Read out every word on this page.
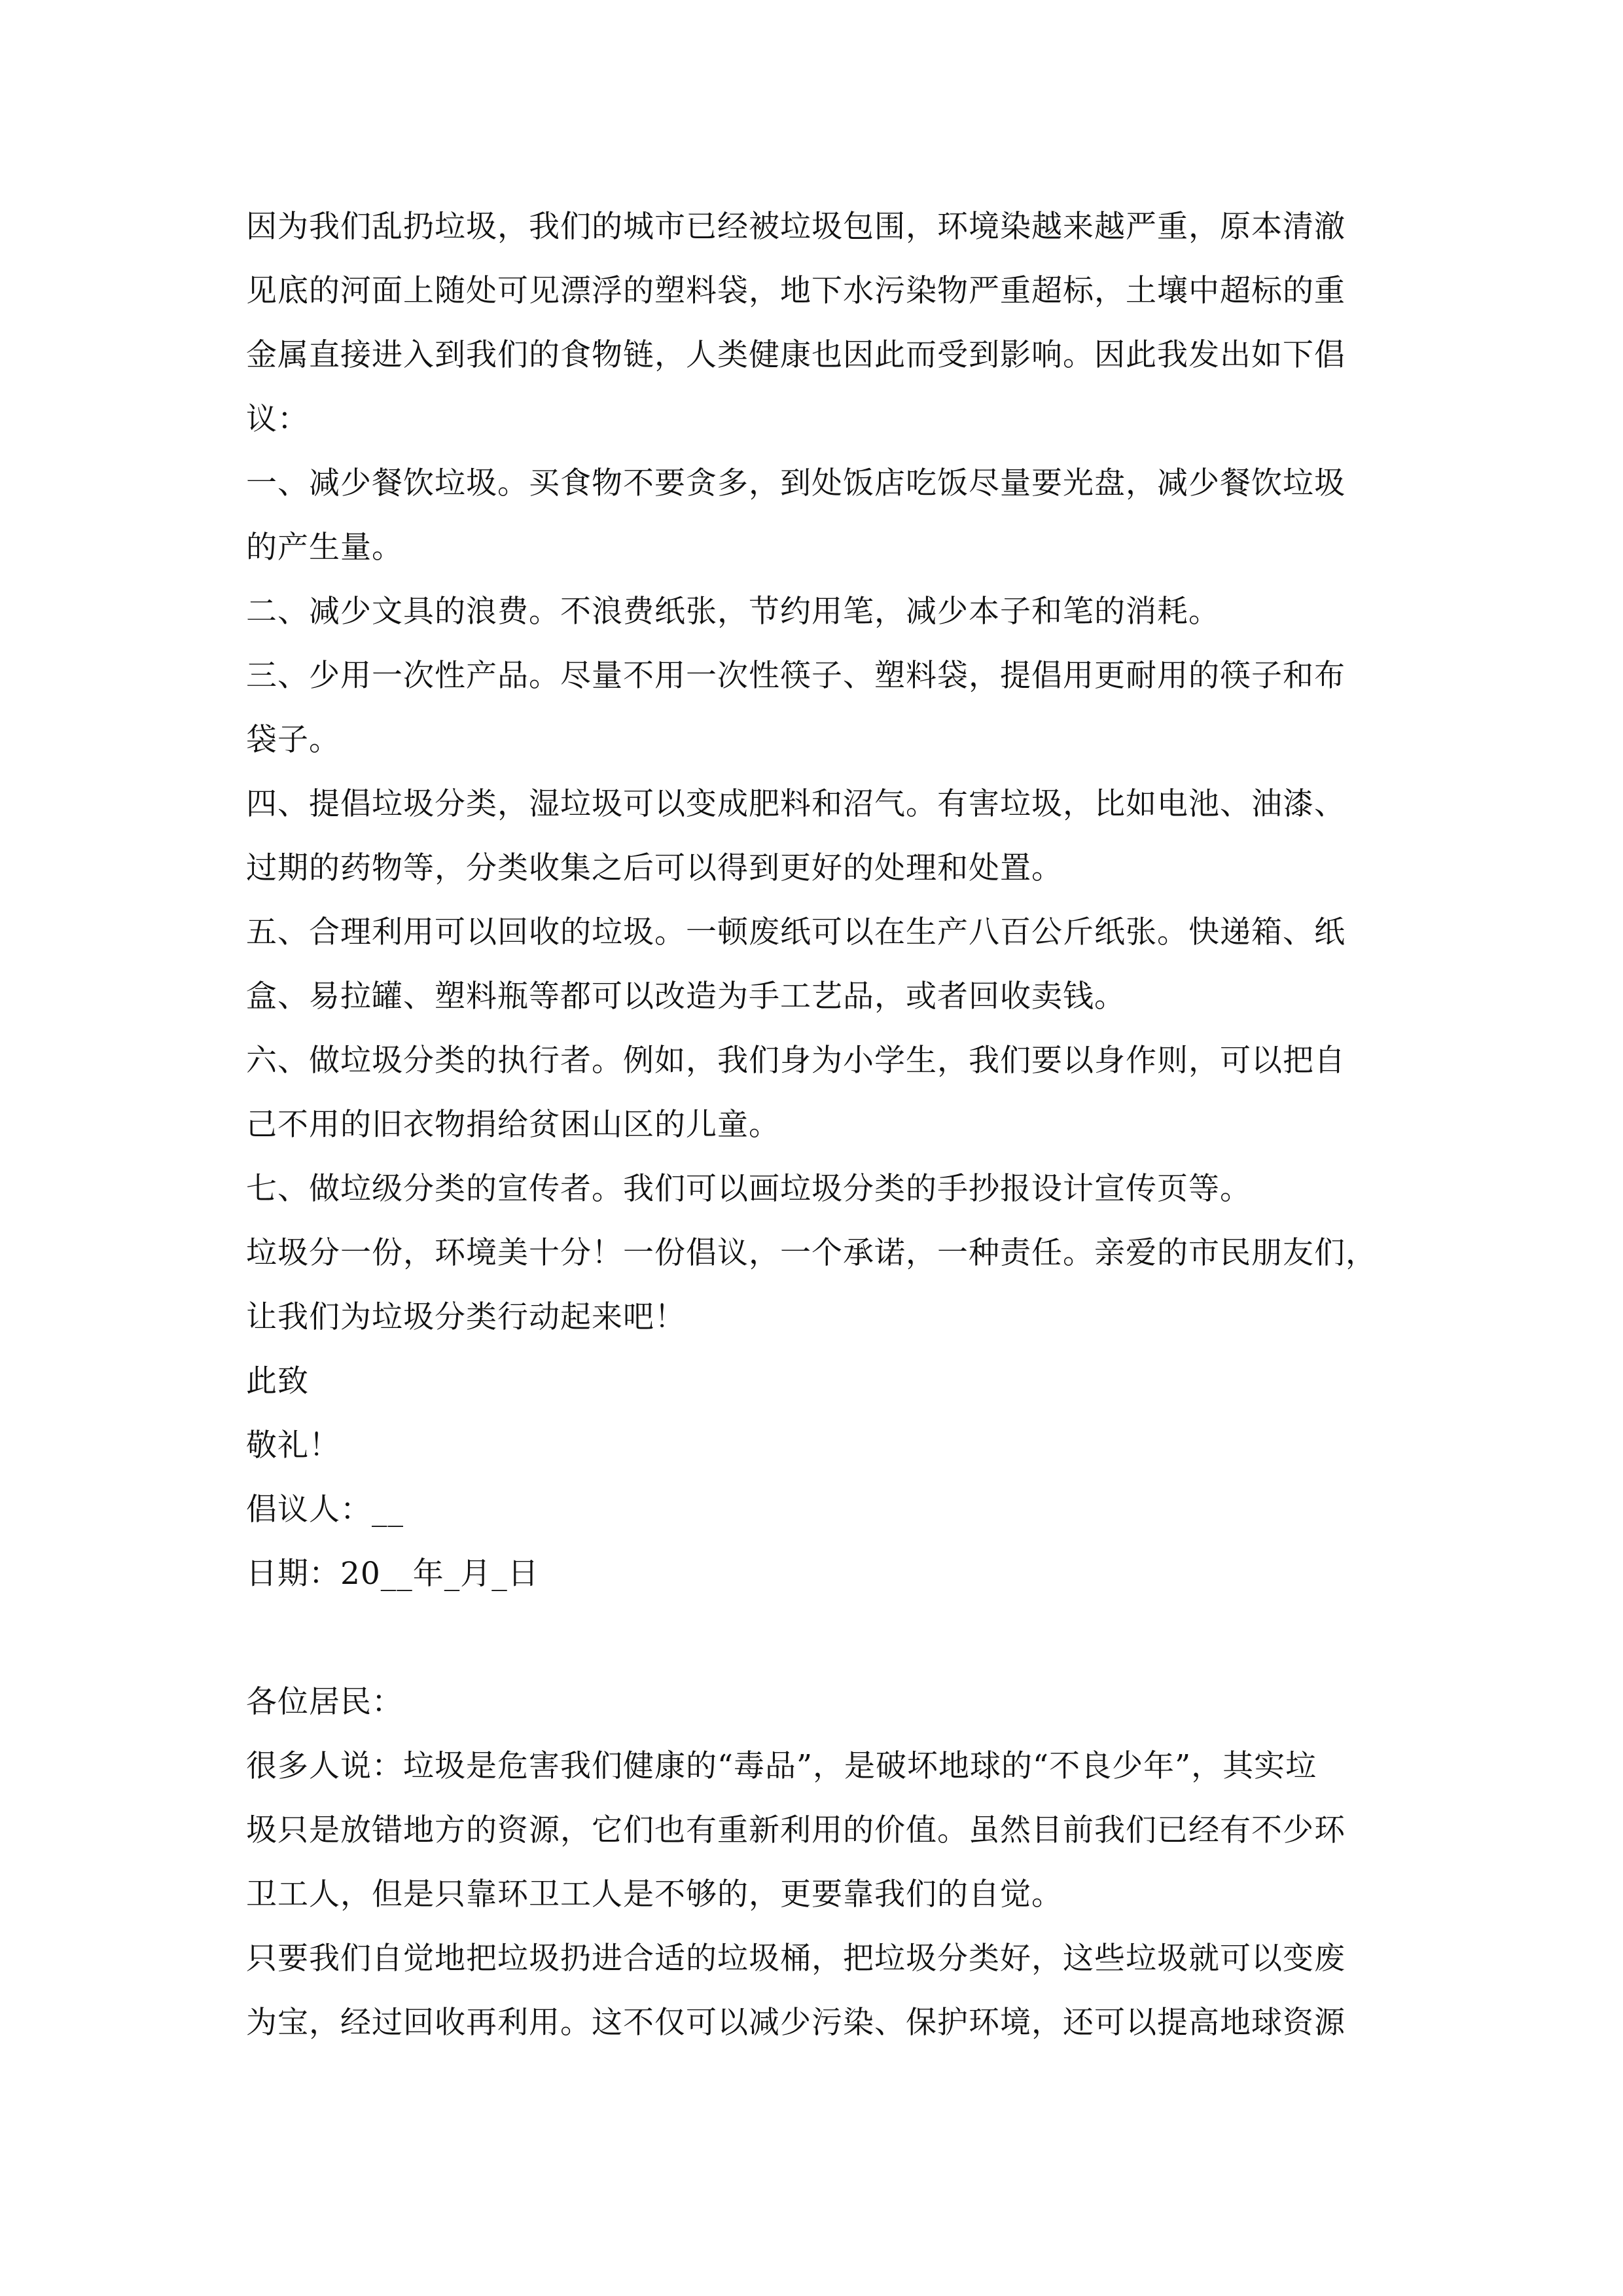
因为我们乱扔垃圾，我们的城市已经被垃圾包围，环境染越来越严重，原本清澈
见底的河面上随处可见漂浮的塑料袋，地下水污染物严重超标，土壤中超标的重
金属直接进入到我们的食物链，人类健康也因此而受到影响。因此我发出如下倡
议：
一、减少餐饮垃圾。买食物不要贪多，到处饭店吃饭尽量要光盘，减少餐饮垃圾
的产生量。
二、减少文具的浪费。不浪费纸张，节约用笔，减少本子和笔的消耗。
三、少用一次性产品。尽量不用一次性筷子、塑料袋，提倡用更耐用的筷子和布
袋子。
四、提倡垃圾分类，湿垃圾可以变成肥料和沼气。有害垃圾，比如电池、油漆、
过期的药物等，分类收集之后可以得到更好的处理和处置。
五、合理利用可以回收的垃圾。一顿废纸可以在生产八百公斤纸张。快递箱、纸
盒、易拉罐、塑料瓶等都可以改造为手工艺品，或者回收卖钱。
六、做垃圾分类的执行者。例如，我们身为小学生，我们要以身作则，可以把自
己不用的旧衣物捐给贫困山区的儿童。
七、做垃级分类的宣传者。我们可以画垃圾分类的手抄报设计宣传页等。
垃圾分一份，环境美十分！一份倡议，一个承诺，一种责任。亲爱的市民朋友们，
让我们为垃圾分类行动起来吧！
此致
敬礼！
倡议人：__
日期：20__年_月_日
各位居民：
很多人说：垃圾是危害我们健康的“毒品”，是破坏地球的“不良少年”，其实垃
圾只是放错地方的资源，它们也有重新利用的价值。虽然目前我们已经有不少环
卫工人，但是只靠环卫工人是不够的，更要靠我们的自觉。
只要我们自觉地把垃圾扔进合适的垃圾桶，把垃圾分类好，这些垃圾就可以变废
为宝，经过回收再利用。这不仅可以减少污染、保护环境，还可以提高地球资源
